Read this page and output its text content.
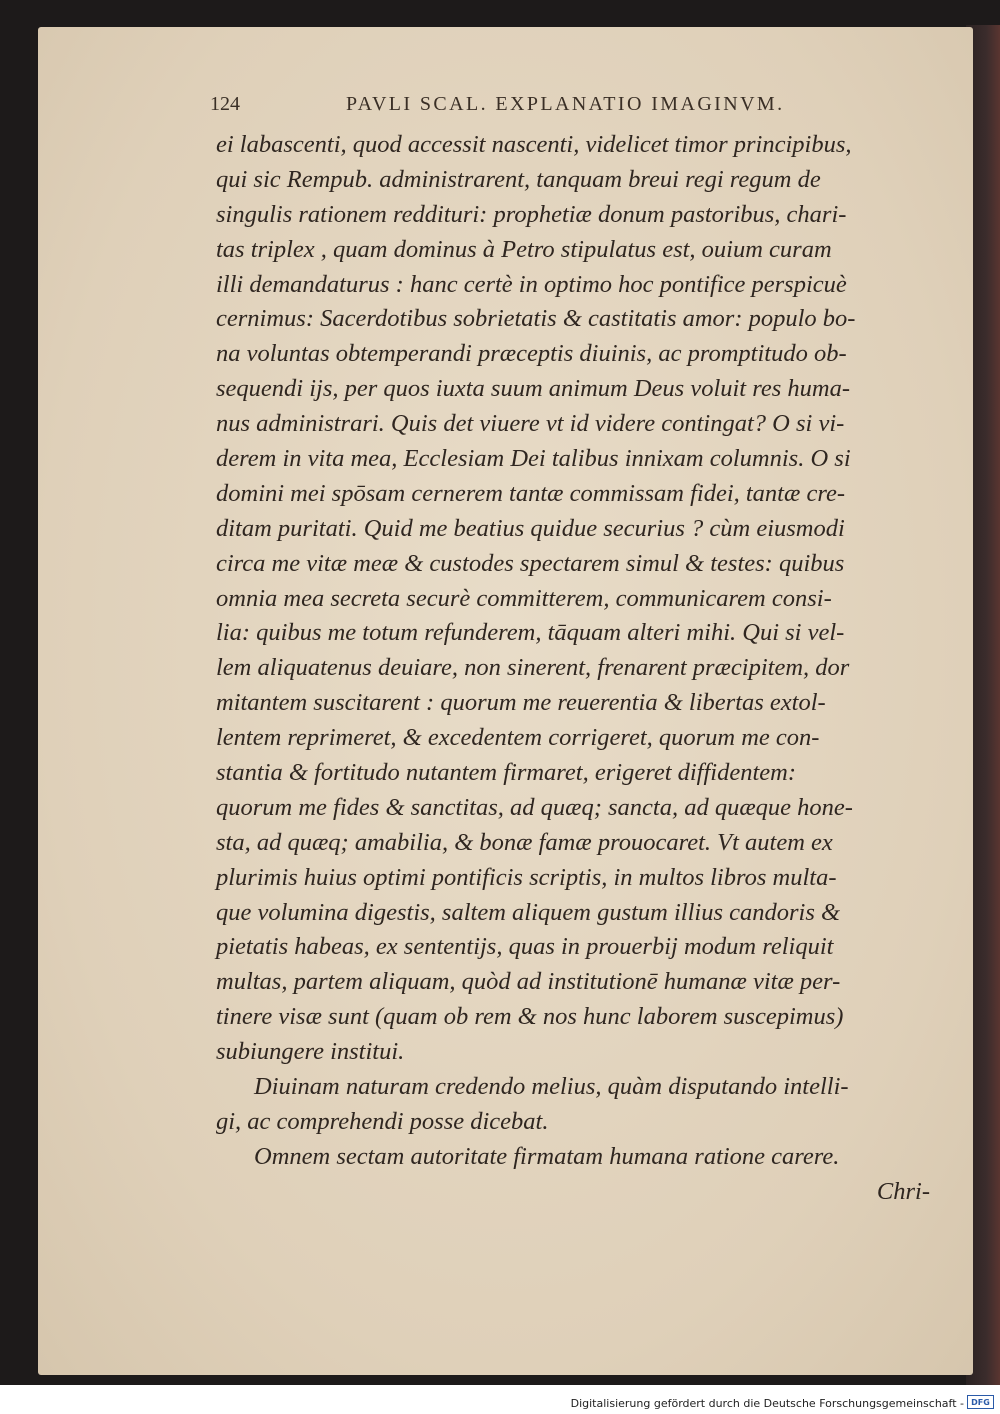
124	PAVLI SCAL. EXPLANATIO IMAGINVM.
ei labascenti, quod accessit nascenti, videlicet timor principibus,
qui sic Rempub. administrarent, tanquam breui regi regum de
singulis rationem reddituri: prophetiæ donum pastoribus, chari-
tas triplex , quam dominus à Petro stipulatus est, ouium curam
illi demandaturus : hanc certè in optimo hoc pontifice perspicuè
cernimus: Sacerdotibus sobrietatis & castitatis amor: populo bo-
na voluntas obtemperandi præceptis diuinis, ac promptitudo ob-
sequendi ijs, per quos iuxta suum animum Deus voluit res huma-
nus administrari. Quis det viuere vt id videre contingat? O si vi-
derem in vita mea, Ecclesiam Dei talibus innixam columnis. O si
domini mei spōsam cernerem tantæ commissam fidei, tantæ cre-
ditam puritati. Quid me beatius quidue securius ? cùm eiusmodi
circa me vitæ meæ & custodes spectarem simul & testes: quibus
omnia mea secreta securè committerem, communicarem consi-
lia: quibus me totum refunderem, tāquam alteri mihi. Qui si vel-
lem aliquatenus deuiare, non sinerent, frenarent præcipitem, dor
mitantem suscitarent : quorum me reuerentia & libertas extol-
lentem reprimeret, & excedentem corrigeret, quorum me con-
stantia & fortitudo nutantem firmaret, erigeret diffidentem:
quorum me fides & sanctitas, ad quæq; sancta, ad quæque hone-
sta, ad quæq; amabilia, & bonæ famæ prouocaret. Vt autem ex
plurimis huius optimi pontificis scriptis, in multos libros multa-
que volumina digestis, saltem aliquem gustum illius candoris &
pietatis habeas, ex sententijs, quas in prouerbij modum reliquit
multas, partem aliquam, quòd ad institutionē humanæ vitæ per-
tinere visæ sunt (quam ob rem & nos hunc laborem suscepimus)
subiungere institui.
Diuinam naturam credendo melius, quàm disputando intelli-
gi, ac comprehendi posse dicebat.
Omnem sectam autoritate firmatam humana ratione carere.
Chri-
Digitalisierung gefördert durch die Deutsche Forschungsgemeinschaft - DFG
